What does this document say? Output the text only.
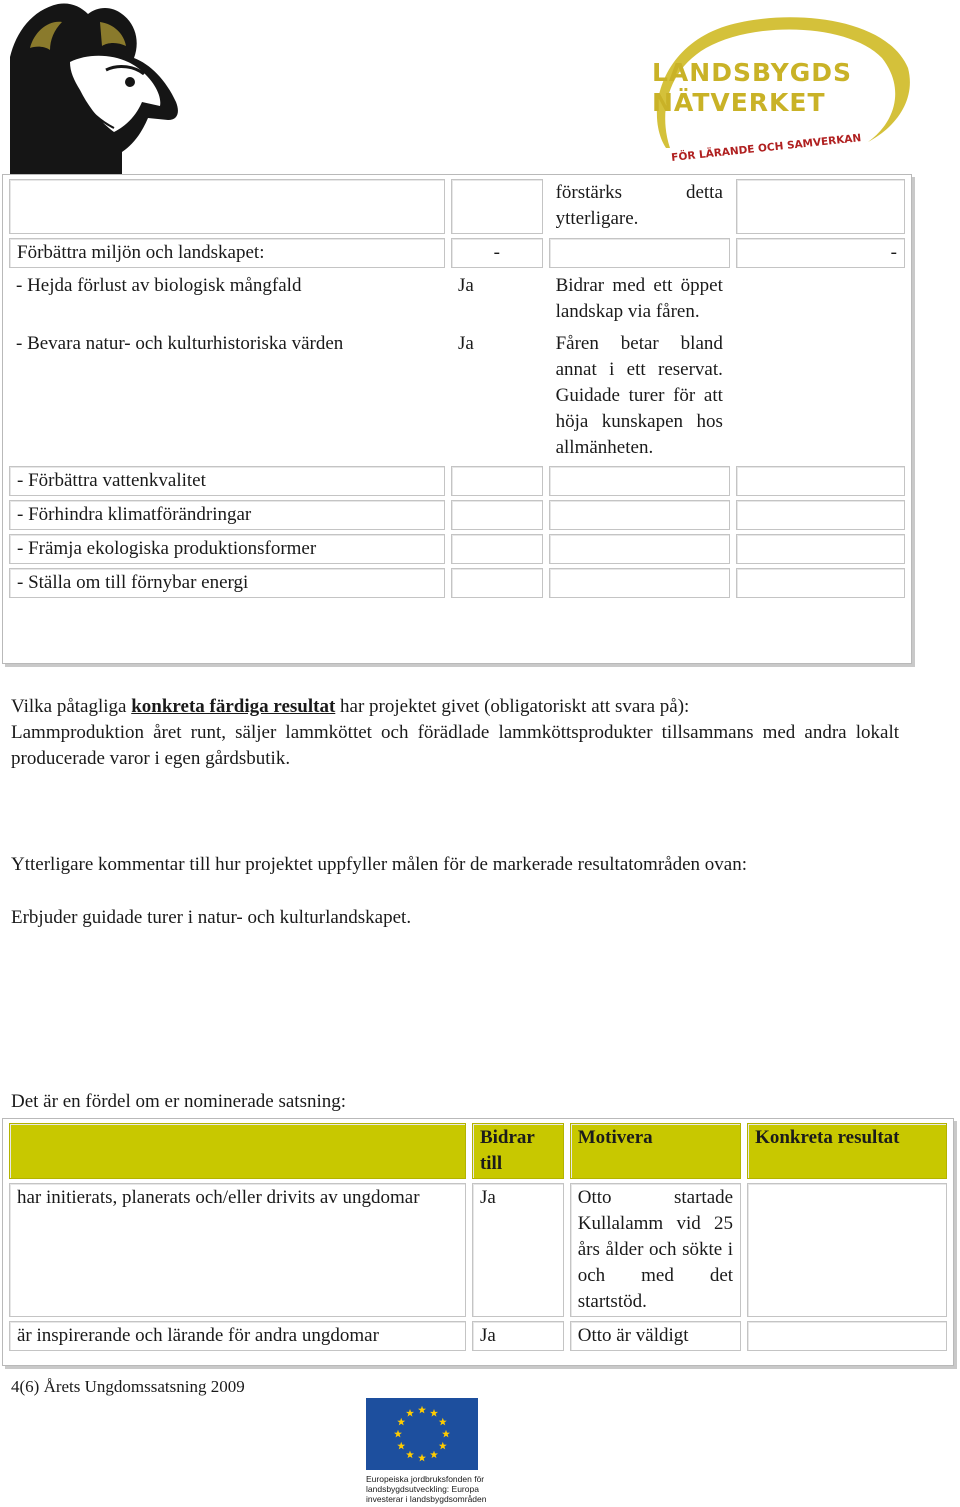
LANDSBYGDS
NÄTVERKET
FÖR LÄRANDE OCH SAMVERKAN
		förstärks detta ytterligare.	
Förbättra miljön och landskapet:	-		-
- Hejda förlust av biologisk mångfald	Ja	Bidrar med ett öppet landskap via fåren.	
- Bevara natur- och kulturhistoriska värden	Ja	Fåren betar bland annat i ett reservat. Guidade turer för att höja kunskapen hos allmänheten.	
- Förbättra vattenkvalitet			
- Förhindra klimatförändringar			
- Främja ekologiska produktionsformer			
- Ställa om till förnybar energi			
Vilka påtagliga konkreta färdiga resultat har projektet givet (obligatoriskt att svara på):
Lammproduktion året runt, säljer lammköttet och förädlade lammköttsprodukter tillsammans med andra lokalt producerade varor i egen gårdsbutik.
Ytterligare kommentar till hur projektet uppfyller målen för de markerade resultatområden ovan:
Erbjuder guidade turer i natur- och kulturlandskapet.
Det är en fördel om er nominerade satsning:
	Bidrar till	Motivera	Konkreta resultat
har initierats, planerats och/eller drivits av ungdomar	Ja	Otto startade Kullalamm vid 25 års ålder och sökte i och med det startstöd.	
är inspirerande och lärande för andra ungdomar	Ja	Otto är väldigt	
4(6) Årets Ungdomssatsning 2009
Europeiska jordbruksfonden för landsbygdsutveckling: Europa investerar i landsbygdsområden
